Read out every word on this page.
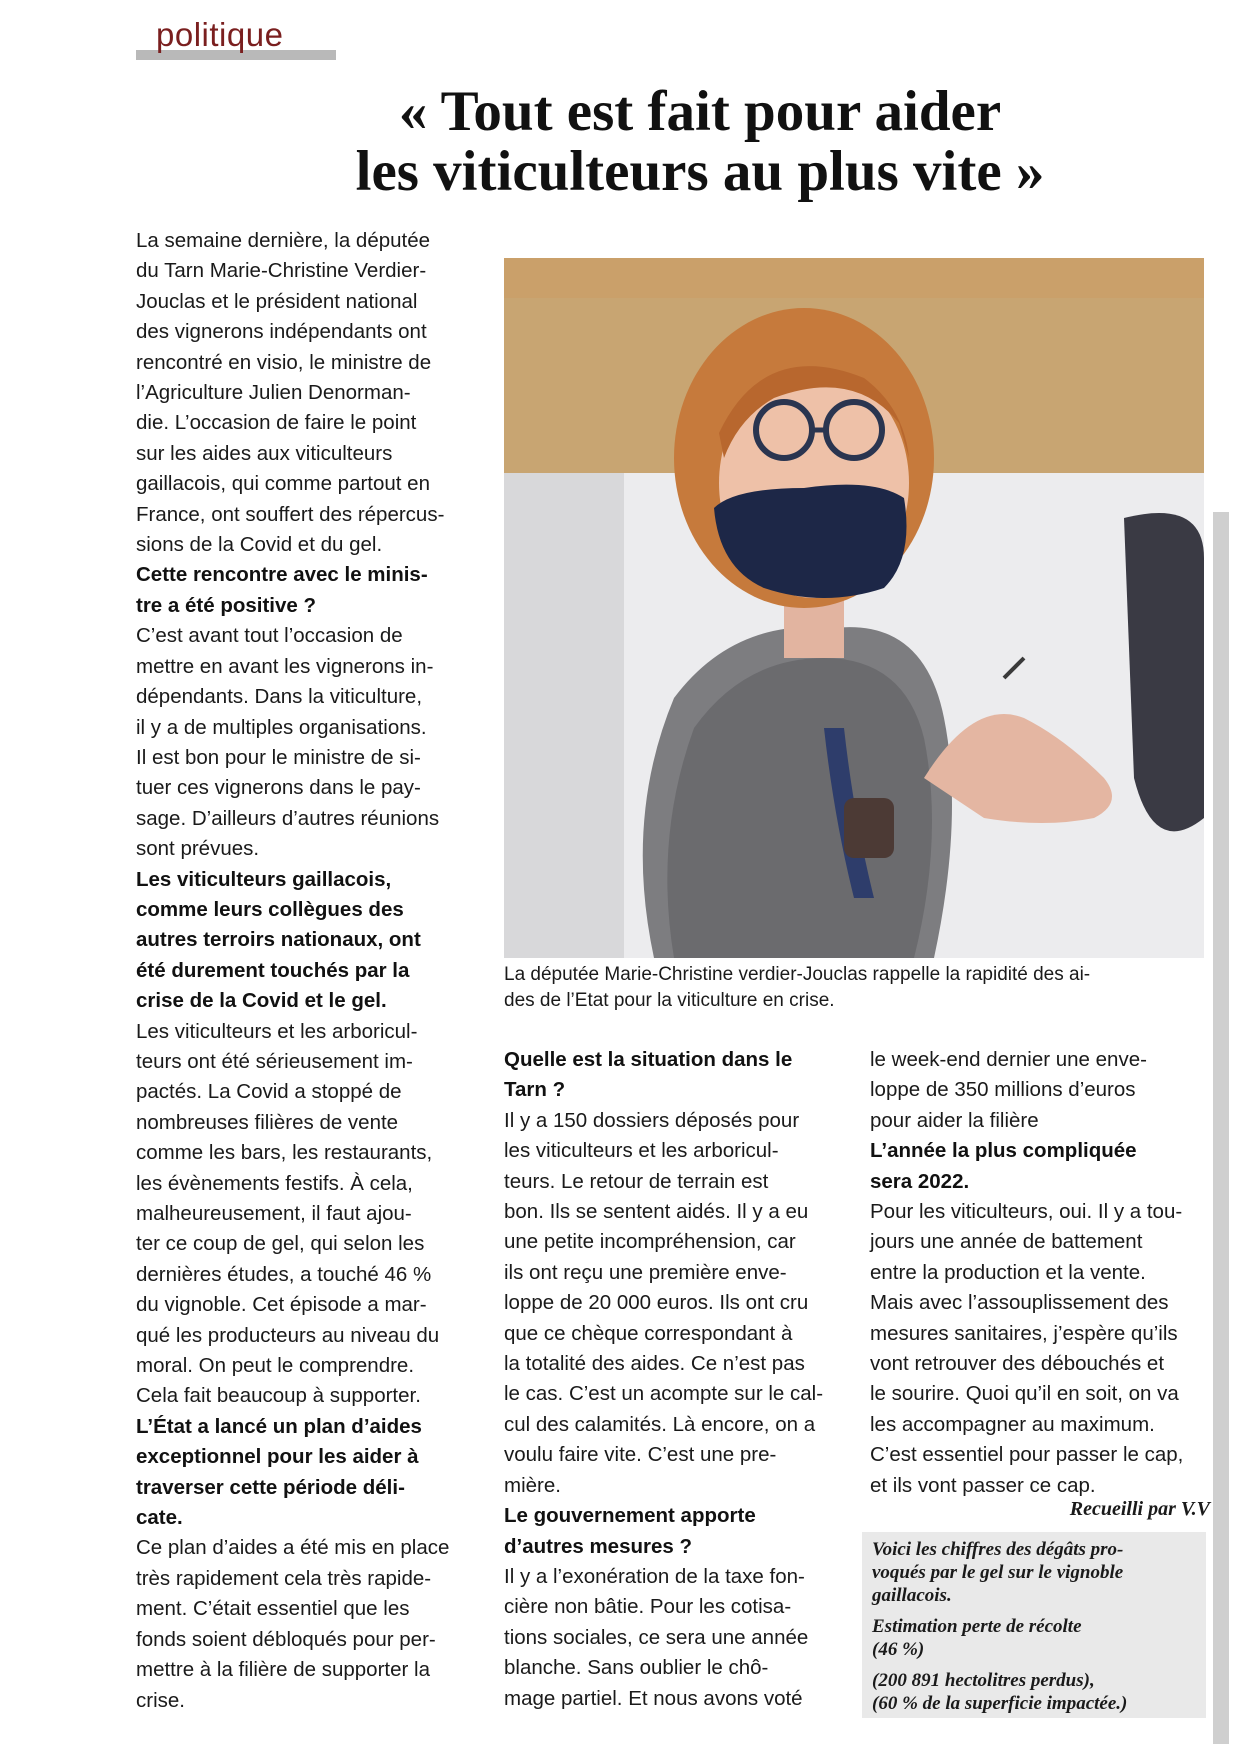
politique
« Tout est fait pour aider
les viticulteurs au plus vite »
La semaine dernière, la députée
du Tarn Marie-Christine Verdier-
Jouclas et le président national
des vignerons indépendants ont
rencontré en visio, le ministre de
l’Agriculture Julien Denorman-
die. L’occasion de faire le point
sur les aides aux viticulteurs
gaillacois, qui comme partout en
France, ont souffert des répercus-
sions de la Covid et du gel.
Cette rencontre avec le minis-
tre a été positive ?
C’est avant tout l’occasion de
mettre en avant les vignerons in-
dépendants. Dans la viticulture,
il y a de multiples organisations.
Il est bon pour le ministre de si-
tuer ces vignerons dans le pay-
sage. D’ailleurs d’autres réunions
sont prévues.
Les viticulteurs gaillacois,
comme leurs collègues des
autres terroirs nationaux, ont
été durement touchés par la
crise de la Covid et le gel.
Les viticulteurs et les arboricul-
teurs ont été sérieusement im-
pactés. La Covid a stoppé de
nombreuses filières de vente
comme les bars, les restaurants,
les évènements festifs. À cela,
malheureusement, il faut ajou-
ter ce coup de gel, qui selon les
dernières études, a touché 46 %
du vignoble. Cet épisode a mar-
qué les producteurs au niveau du
moral. On peut le comprendre.
Cela fait beaucoup à supporter.
L’État a lancé un plan d’aides
exceptionnel pour les aider à
traverser cette période déli-
cate.
Ce plan d’aides a été mis en place
très rapidement cela très rapide-
ment. C’était essentiel que les
fonds soient débloqués pour per-
mettre à la filière de supporter la
crise.
La députée Marie-Christine verdier-Jouclas rappelle la rapidité des ai-
des de l’Etat pour la viticulture en crise.
Quelle est la situation dans le
Tarn ?
Il y a 150 dossiers déposés pour
les viticulteurs et les arboricul-
teurs. Le retour de terrain est
bon. Ils se sentent aidés. Il y a eu
une petite incompréhension, car
ils ont reçu une première enve-
loppe de 20 000 euros. Ils ont cru
que ce chèque correspondant à
la totalité des aides. Ce n’est pas
le cas. C’est un acompte sur le cal-
cul des calamités. Là encore, on a
voulu faire vite. C’est une pre-
mière.
Le gouvernement apporte
d’autres mesures ?
Il y a l’exonération de la taxe fon-
cière non bâtie. Pour les cotisa-
tions sociales, ce sera une année
blanche. Sans oublier le chô-
mage partiel. Et nous avons voté
le week-end dernier une enve-
loppe de 350 millions d’euros
pour aider la filière
L’année la plus compliquée
sera 2022.
Pour les viticulteurs, oui. Il y a tou-
jours une année de battement
entre la production et la vente.
Mais avec l’assouplissement des
mesures sanitaires, j’espère qu’ils
vont retrouver des débouchés et
le sourire. Quoi qu’il en soit, on va
les accompagner au maximum.
C’est essentiel pour passer le cap,
et ils vont passer ce cap.
Recueilli par V.V

Voici les chiffres des dégâts pro-
voqués par le gel sur le vignoble
gaillacois.

Estimation perte de récolte
(46 %)

(200 891 hectolitres perdus),
(60 % de la superficie impactée.)
